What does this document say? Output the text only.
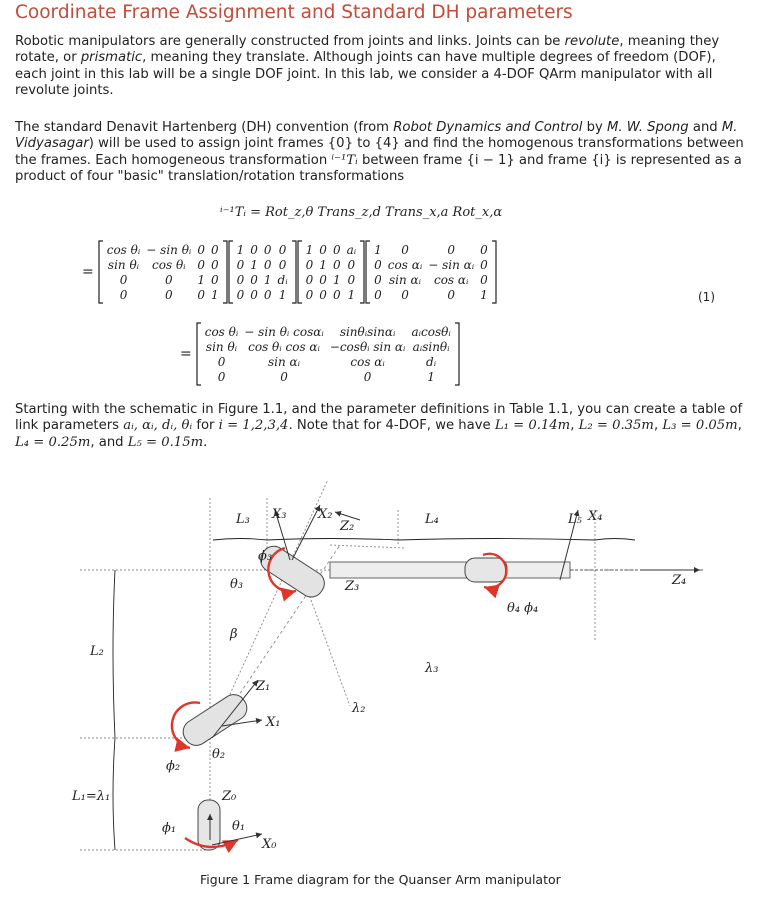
Coordinate Frame Assignment and Standard DH parameters

Robotic manipulators are generally constructed from joints and links. Joints can be revolute, meaning they rotate, or prismatic, meaning they translate. Although joints can have multiple degrees of freedom (DOF), each joint in this lab will be a single DOF joint. In this lab, we consider a 4-DOF QArm manipulator with all revolute joints.

The standard Denavit Hartenberg (DH) convention (from Robot Dynamics and Control by M. W. Spong and M. Vidyasagar) will be used to assign joint frames {0} to {4} and find the homogenous transformations between the frames. Each homogeneous transformation ⁱ⁻¹Tᵢ between frame {i − 1} and frame {i} is represented as a product of four "basic" translation/rotation transformations

ⁱ⁻¹Tᵢ = Rot_z,θ Trans_z,d Trans_x,a Rot_x,α
=
cos θᵢ	− sin θᵢ	0	0
sin θᵢ	cos θᵢ	0	0
0	0	1	0
0	0	0	1
1	0	0	0
0	1	0	0
0	0	1	dᵢ
0	0	0	1
1	0	0	aᵢ
0	1	0	0
0	0	1	0
0	0	0	1
1	0	0	0
0	cos αᵢ	− sin αᵢ	0
0	sin αᵢ	cos αᵢ	0
0	0	0	1	(1)
=
cos θᵢ	− sin θᵢ cosαᵢ	sinθᵢsinαᵢ	aᵢcosθᵢ
sin θᵢ	cos θᵢ cos αᵢ	−cosθᵢ sin αᵢ	aᵢsinθᵢ
0	sin αᵢ	cos αᵢ	dᵢ
0	0	0	1

Starting with the schematic in Figure 1.1, and the parameter definitions in Table 1.1, you can create a table of link parameters aᵢ, αᵢ, dᵢ, θᵢ for i = 1,2,3,4. Note that for 4-DOF, we have L₁ = 0.14m, L₂ = 0.35m, L₃ = 0.05m, L₄ = 0.25m, and L₅ = 0.15m.

L₃ X₃ X₂
Z₂	L₄	L₅ X₄
ϕ₃
θ₃	Z₃	Z₄
θ₄ ϕ₄
β
L₂
λ₃
Z₁
λ₂
X₁
θ₂
ϕ₂
L₁=λ₁	Z₀
ϕ₁	θ₁
X₀
Figure 1 Frame diagram for the Quanser Arm manipulator
